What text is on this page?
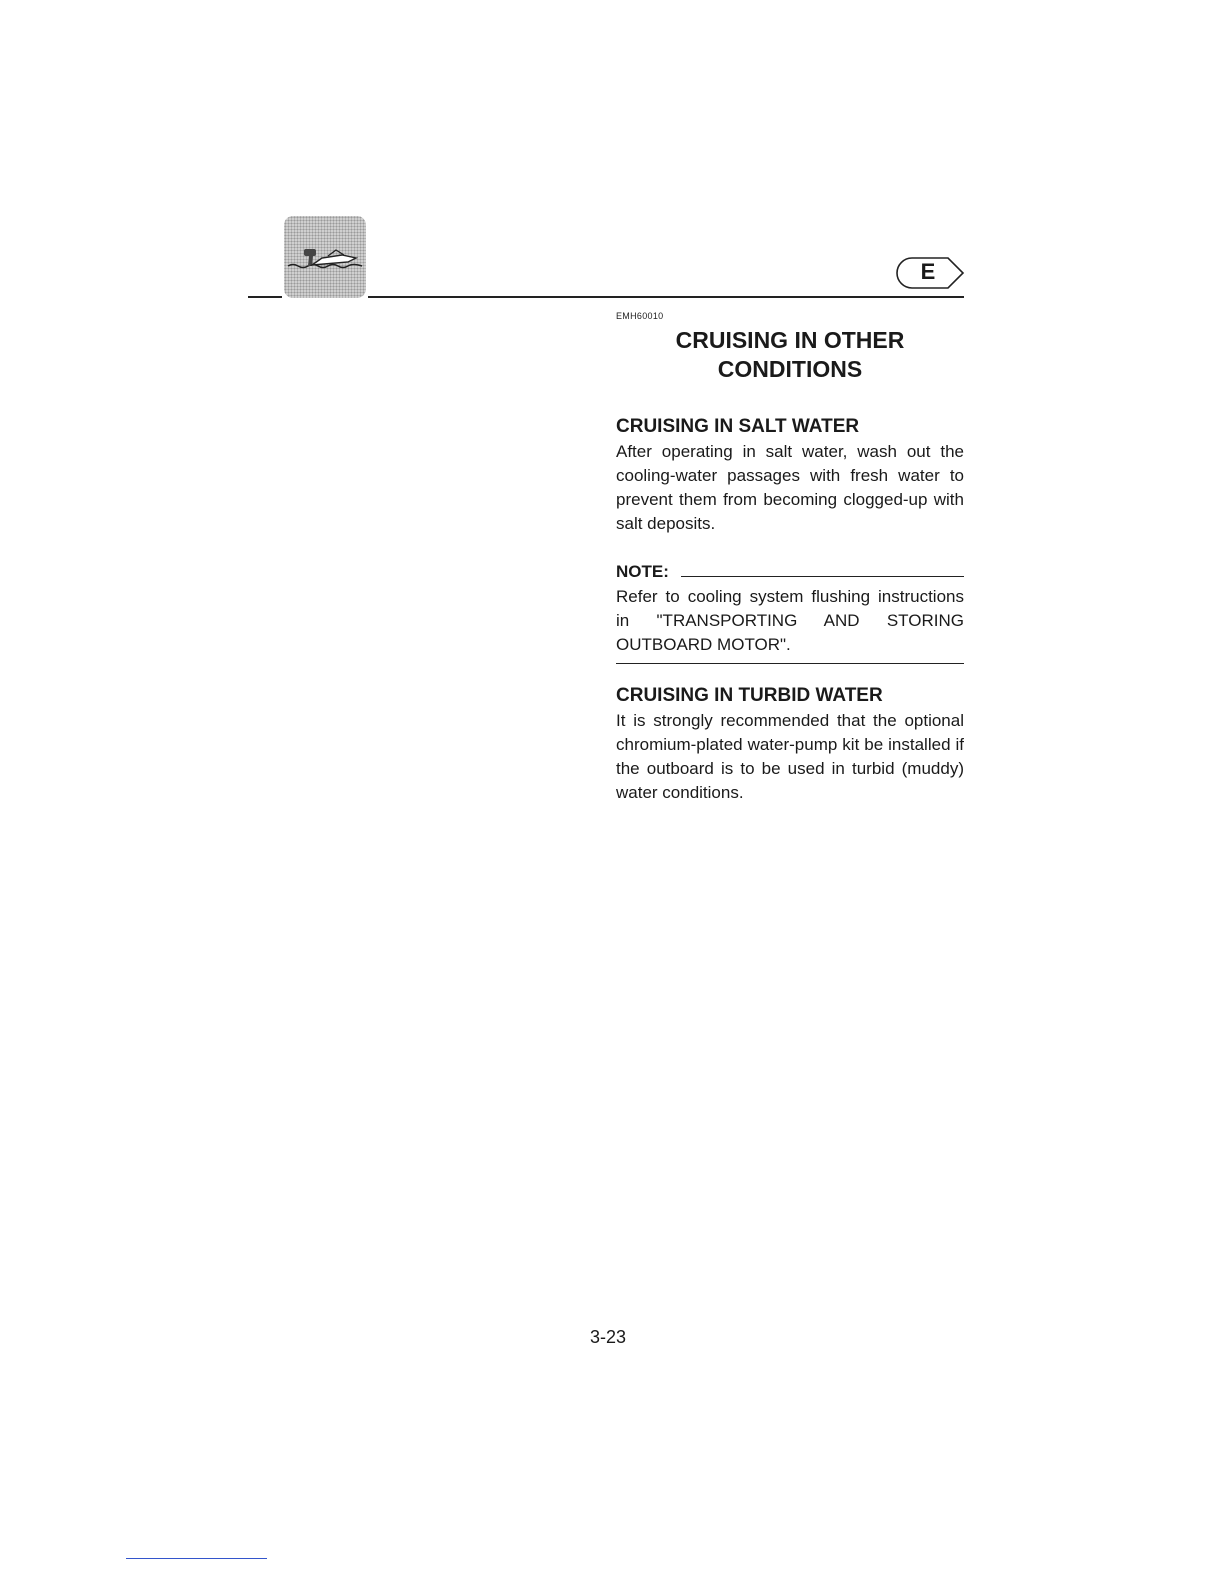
E
EMH60010
CRUISING IN OTHER CONDITIONS
CRUISING IN SALT WATER

After operating in salt water, wash out the cooling-water passages with fresh water to prevent them from becoming clogged-up with salt deposits.

NOTE:

Refer to cooling system flushing instructions in "TRANSPORTING AND STORING OUTBOARD MOTOR".

CRUISING IN TURBID WATER

It is strongly recommended that the optional chromium-plated water-pump kit be installed if the outboard is to be used in turbid (muddy) water conditions.

3-23
